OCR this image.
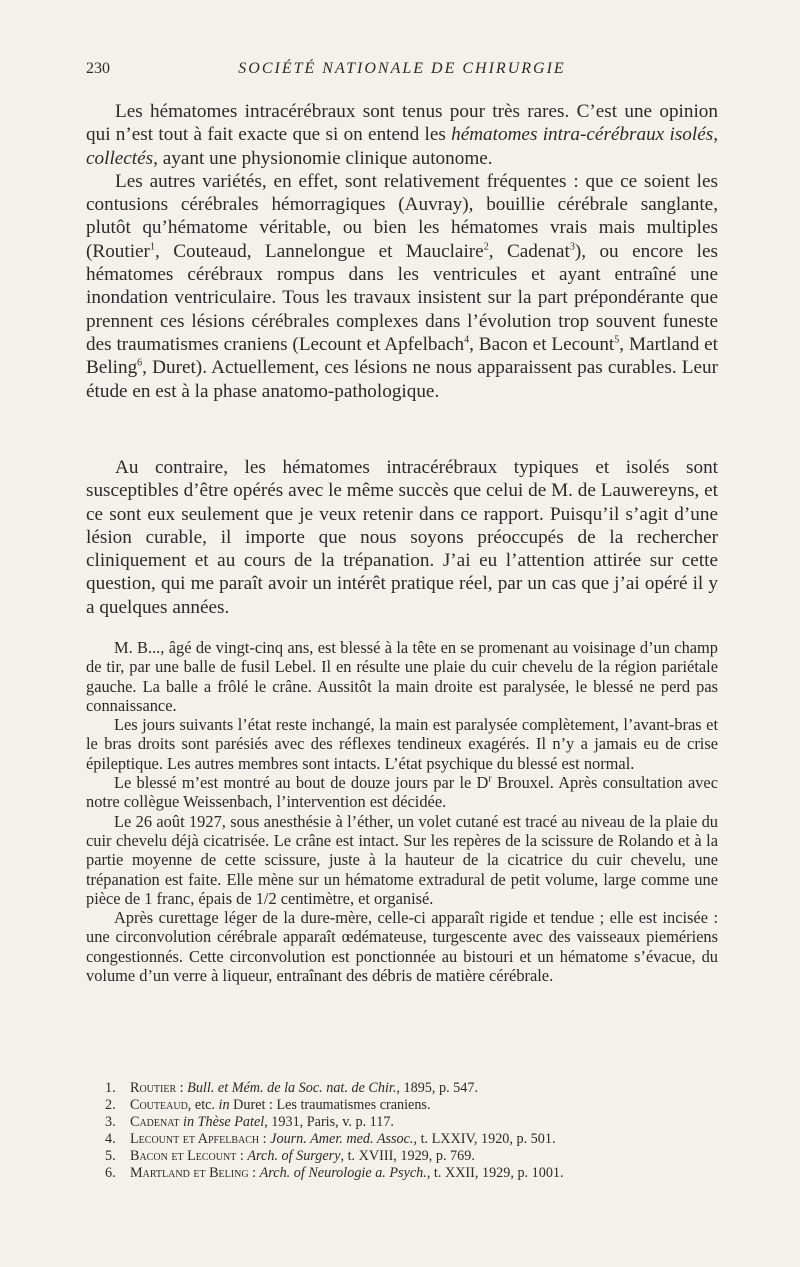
230	SOCIÉTÉ NATIONALE DE CHIRURGIE

Les hématomes intracérébraux sont tenus pour très rares. C’est une opinion qui n’est tout à fait exacte que si on entend les hématomes intra-cérébraux isolés, collectés, ayant une physionomie clinique autonome.

Les autres variétés, en effet, sont relativement fréquentes : que ce soient les contusions cérébrales hémorragiques (Auvray), bouillie cérébrale sanglante, plutôt qu’hématome véritable, ou bien les hématomes vrais mais multiples (Routier$^1$, Couteaud, Lannelongue et Mauclaire$^2$, Cadenat$^3$), ou encore les hématomes cérébraux rompus dans les ventricules et ayant entraîné une inondation ventriculaire. Tous les travaux insistent sur la part prépondérante que prennent ces lésions cérébrales complexes dans l’évolution trop souvent funeste des traumatismes craniens (Lecount et Apfelbach$^4$, Bacon et Lecount$^5$, Martland et Beling$^6$, Duret). Actuellement, ces lésions ne nous apparaissent pas curables. Leur étude en est à la phase anatomo-pathologique.

Au contraire, les hématomes intracérébraux typiques et isolés sont susceptibles d’être opérés avec le même succès que celui de M. de Lauwereyns, et ce sont eux seulement que je veux retenir dans ce rapport. Puisqu’il s’agit d’une lésion curable, il importe que nous soyons préoccupés de la rechercher cliniquement et au cours de la trépanation. J’ai eu l’attention attirée sur cette question, qui me paraît avoir un intérêt pratique réel, par un cas que j’ai opéré il y a quelques années.

M. B..., âgé de vingt-cinq ans, est blessé à la tête en se promenant au voisinage d’un champ de tir, par une balle de fusil Lebel. Il en résulte une plaie du cuir chevelu de la région pariétale gauche. La balle a frôlé le crâne. Aussitôt la main droite est paralysée, le blessé ne perd pas connaissance.

Les jours suivants l’état reste inchangé, la main est paralysée complètement, l’avant-bras et le bras droits sont parésiés avec des réflexes tendineux exagérés. Il n’y a jamais eu de crise épileptique. Les autres membres sont intacts. L’état psychique du blessé est normal.

Le blessé m’est montré au bout de douze jours par le $D^r$ Brouxel. Après consultation avec notre collègue Weissenbach, l’intervention est décidée.

Le 26 août 1927, sous anesthésie à l’éther, un volet cutané est tracé au niveau de la plaie du cuir chevelu déjà cicatrisée. Le crâne est intact. Sur les repères de la scissure de Rolando et à la partie moyenne de cette scissure, juste à la hauteur de la cicatrice du cuir chevelu, une trépanation est faite. Elle mène sur un hématome extradural de petit volume, large comme une pièce de 1 franc, épais de 1/2 centimètre, et organisé.

Après curettage léger de la dure-mère, celle-ci apparaît rigide et tendue ; elle est incisée : une circonvolution cérébrale apparaît œdémateuse, turgescente avec des vaisseaux piemériens congestionnés. Cette circonvolution est ponctionnée au bistouri et un hématome s’évacue, du volume d’un verre à liqueur, entraînant des débris de matière cérébrale.

1. Routier : Bull. et Mém. de la Soc. nat. de Chir., 1895, p. 547.
2. Couteaud, etc. in Duret : Les traumatismes craniens.
3. Cadenat in Thèse Patel, 1931, Paris, v. p. 117.
4. Lecount et Apfelbach : Journ. Amer. med. Assoc., t. LXXIV, 1920, p. 501.
5. Bacon et Lecount : Arch. of Surgery, t. XVIII, 1929, p. 769.
6. Martland et Beling : Arch. of Neurologie a. Psych., t. XXII, 1929, p. 1001.
